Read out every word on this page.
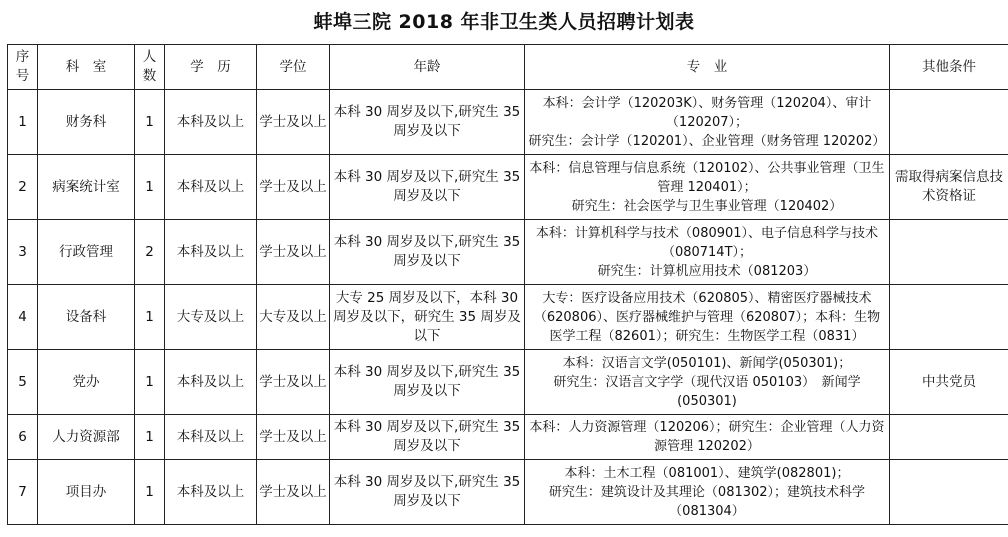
蚌埠三院 2018 年非卫生类人员招聘计划表
序号	科　室	人数	学　历	学位	年龄	专　业	其他条件
1	财务科	1	本科及以上	学士及以上	本科 30 周岁及以下,研究生 35 周岁及以下	本科：会计学（120203K）、财务管理（120204）、审计（120207）；
研究生：会计学（120201）、企业管理（财务管理 120202）	

2	病案统计室	1	本科及以上	学士及以上	本科 30 周岁及以下,研究生 35 周岁及以下	本科：信息管理与信息系统（120102）、公共事业管理（卫生管理 120401）；
研究生：社会医学与卫生事业管理（120402）	需取得病案信息技术资格证
3	行政管理	2	本科及以上	学士及以上	本科 30 周岁及以下,研究生 35 周岁及以下	本科：计算机科学与技术（080901）、电子信息科学与技术（080714T）；
研究生：计算机应用技术（081203）	

4	设备科	1	大专及以上	大专及以上	大专 25 周岁及以下，本科 30 周岁及以下，研究生 35 周岁及以下	大专：医疗设备应用技术（620805）、精密医疗器械技术（620806）、医疗器械维护与管理（620807）；本科：生物医学工程（82601）；研究生：生物医学工程（0831）	

5	党办	1	本科及以上	学士及以上	本科 30 周岁及以下,研究生 35 周岁及以下	本科：汉语言文学(050101)、新闻学(050301)；
研究生：汉语言文字学（现代汉语 050103）　新闻学(050301)	中共党员
6	人力资源部	1	本科及以上	学士及以上	本科 30 周岁及以下,研究生 35 周岁及以下	本科：人力资源管理（120206）；研究生：企业管理（人力资源管理 120202）	

7	项目办	1	本科及以上	学士及以上	本科 30 周岁及以下,研究生 35 周岁及以下	本科：土木工程（081001）、建筑学(082801)；
研究生：建筑设计及其理论（081302）；建筑技术科学（081304）	
